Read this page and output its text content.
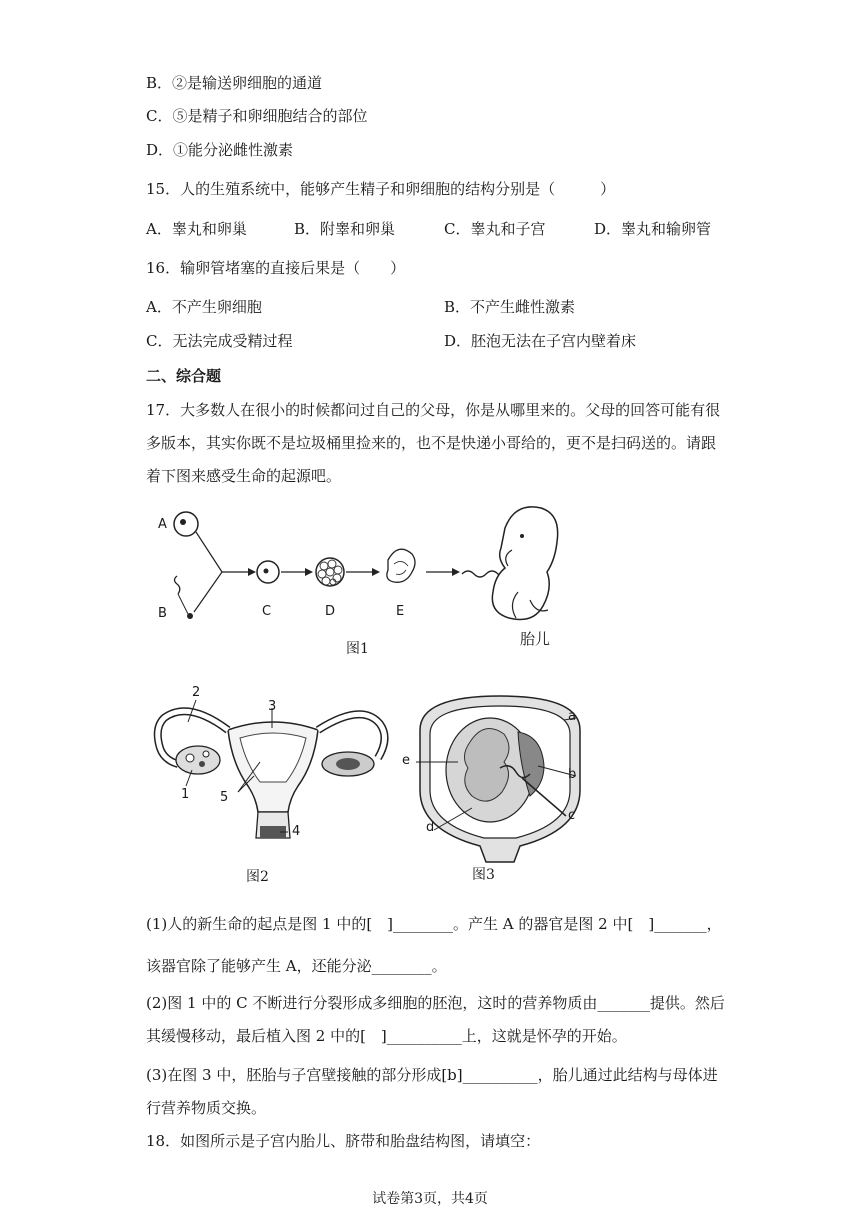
B．②是输送卵细胞的通道
C．⑤是精子和卵细胞结合的部位
D．①能分泌雌性激素
15．人的生殖系统中，能够产生精子和卵细胞的结构分别是（　　　）
A．睾丸和卵巢	B．附睾和卵巢	C．睾丸和子宫	D．睾丸和输卵管
16．输卵管堵塞的直接后果是（　　）
A．不产生卵细胞	B．不产生雌性激素
C．无法完成受精过程	D．胚泡无法在子宫内壁着床
二、综合题
17．大多数人在很小的时候都问过自己的父母，你是从哪里来的。父母的回答可能有很
多版本，其实你既不是垃圾桶里捡来的，也不是快递小哥给的，更不是扫码送的。请跟
着下图来感受生命的起源吧。
A
B	C	D	E
胎儿
图1
1
2
3
4
5
图2
a
b
c
d
e
图3
(1)人的新生命的起点是图 1 中的[　]________。产生 A 的器官是图 2 中[　]_______，
该器官除了能够产生 A，还能分泌________。
(2)图 1 中的 C 不断进行分裂形成多细胞的胚泡，这时的营养物质由_______提供。然后
其缓慢移动，最后植入图 2 中的[　]__________上，这就是怀孕的开始。
(3)在图 3 中，胚胎与子宫壁接触的部分形成[b]__________，胎儿通过此结构与母体进
行营养物质交换。
18．如图所示是子宫内胎儿、脐带和胎盘结构图，请填空：
试卷第3页，共4页
